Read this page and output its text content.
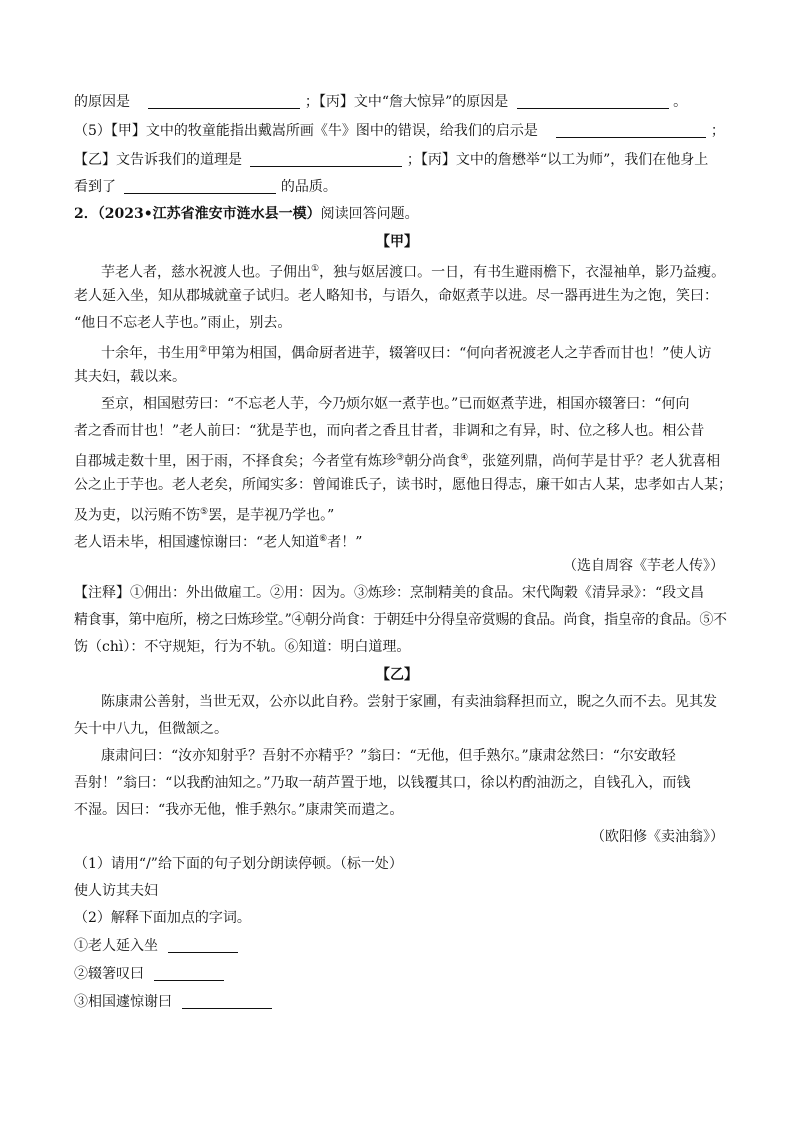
的原因是	；【丙】文中“詹大惊异”的原因是	。
（5）【甲】文中的牧童能指出戴嵩所画《牛》图中的错误，给我们的启示是	；
【乙】文告诉我们的道理是	；【丙】文中的詹懋举“以工为师”，我们在他身上
看到了	的品质。
2．（2023•江苏省淮安市涟水县一模）阅读回答问题。
【甲】
芋老人者，慈水祝渡人也。子佣出①，独与妪居渡口。一日，有书生避雨檐下，衣湿袖单，影乃益瘦。
老人延入坐，知从郡城就童子试归。老人略知书，与语久，命妪煮芋以进。尽一器再进生为之饱，笑曰：
“他日不忘老人芋也。”雨止，别去。
十余年，书生用②甲第为相国，偶命厨者进芋，辍箸叹曰：“何向者祝渡老人之芋香而甘也！”使人访
其夫妇，载以来。
至京，相国慰劳曰：“不忘老人芋，今乃烦尔妪一煮芋也。”已而妪煮芋进，相国亦辍箸曰：“何向
者之香而甘也！”老人前曰：“犹是芋也，而向者之香且甘者，非调和之有异，时、位之移人也。相公昔
自郡城走数十里，困于雨，不择食矣；今者堂有炼珍③朝分尚食④，张筵列鼎，尚何芋是甘乎？老人犹喜相
公之止于芋也。老人老矣，所闻实多：曾闻谁氏子，读书时，愿他日得志，廉干如古人某，忠孝如古人某；
及为吏，以污贿不饬⑤罢，是芋视乃学也。”
老人语未毕，相国遽惊谢曰：“老人知道⑥者！”
（选自周容《芋老人传》）
【注释】①佣出：外出做雇工。②用：因为。③炼珍：烹制精美的食品。宋代陶穀《清异录》：“段文昌
精食事，第中庖所，榜之曰炼珍堂。”④朝分尚食：于朝廷中分得皇帝赏赐的食品。尚食，指皇帝的食品。⑤不
饬（chì）：不守规矩，行为不轨。⑥知道：明白道理。
【乙】
陈康肃公善射，当世无双，公亦以此自矜。尝射于家圃，有卖油翁释担而立，睨之久而不去。见其发
矢十中八九，但微颔之。
康肃问曰：“汝亦知射乎？吾射不亦精乎？”翁曰：“无他，但手熟尔。”康肃忿然曰：“尔安敢轻
吾射！”翁曰：“以我酌油知之。”乃取一葫芦置于地，以钱覆其口，徐以杓酌油沥之，自钱孔入，而钱
不湿。因曰：“我亦无他，惟手熟尔。”康肃笑而遣之。
（欧阳修《卖油翁》）
（1）请用“/”给下面的句子划分朗读停顿。（标一处）
使人访其夫妇
（2）解释下面加点的字词。
①老人延入坐
②辍箸叹曰
③相国遽惊谢曰
